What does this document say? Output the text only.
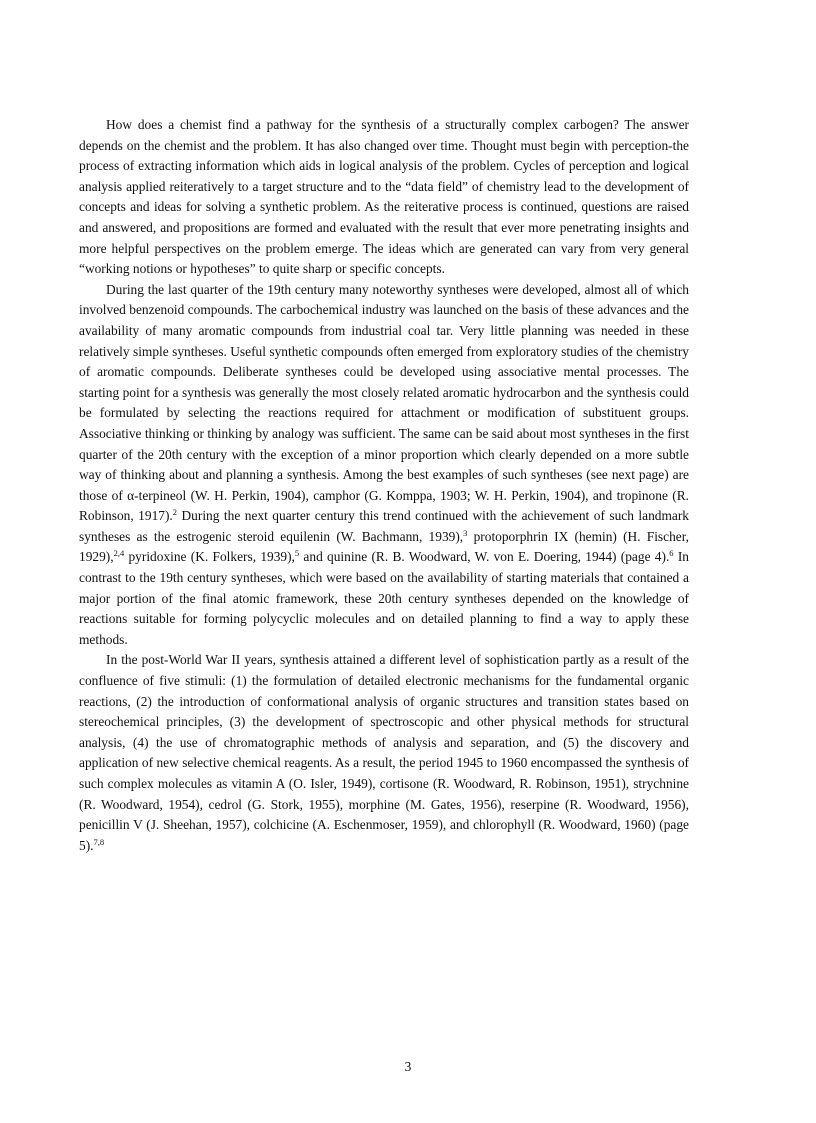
How does a chemist find a pathway for the synthesis of a structurally complex carbogen? The answer depends on the chemist and the problem. It has also changed over time. Thought must begin with perception-the process of extracting information which aids in logical analysis of the problem. Cycles of perception and logical analysis applied reiteratively to a target structure and to the “data field” of chemistry lead to the development of concepts and ideas for solving a synthetic problem. As the reiterative process is continued, questions are raised and answered, and propositions are formed and evaluated with the result that ever more penetrating insights and more helpful perspectives on the problem emerge. The ideas which are generated can vary from very general “working notions or hypotheses” to quite sharp or specific concepts.

During the last quarter of the 19th century many noteworthy syntheses were developed, almost all of which involved benzenoid compounds. The carbochemical industry was launched on the basis of these advances and the availability of many aromatic compounds from industrial coal tar. Very little planning was needed in these relatively simple syntheses. Useful synthetic compounds often emerged from exploratory studies of the chemistry of aromatic compounds. Deliberate syntheses could be developed using associative mental processes. The starting point for a synthesis was generally the most closely related aromatic hydrocarbon and the synthesis could be formulated by selecting the reactions required for attachment or modification of substituent groups. Associative thinking or thinking by analogy was sufficient. The same can be said about most syntheses in the first quarter of the 20th century with the exception of a minor proportion which clearly depended on a more subtle way of thinking about and planning a synthesis. Among the best examples of such syntheses (see next page) are those of α-terpineol (W. H. Perkin, 1904), camphor (G. Komppa, 1903; W. H. Perkin, 1904), and tropinone (R. Robinson, 1917).$^2$ During the next quarter century this trend continued with the achievement of such landmark syntheses as the estrogenic steroid equilenin (W. Bachmann, 1939),$^3$ protoporphrin IX (hemin) (H. Fischer, 1929),$^{2,4}$ pyridoxine (K. Folkers, 1939),$^5$ and quinine (R. B. Woodward, W. von E. Doering, 1944) (page 4).$^6$ In contrast to the 19th century syntheses, which were based on the availability of starting materials that contained a major portion of the final atomic framework, these 20th century syntheses depended on the knowledge of reactions suitable for forming polycyclic molecules and on detailed planning to find a way to apply these methods.

In the post-World War II years, synthesis attained a different level of sophistication partly as a result of the confluence of five stimuli: (1) the formulation of detailed electronic mechanisms for the fundamental organic reactions, (2) the introduction of conformational analysis of organic structures and transition states based on stereochemical principles, (3) the development of spectroscopic and other physical methods for structural analysis, (4) the use of chromatographic methods of analysis and separation, and (5) the discovery and application of new selective chemical reagents. As a result, the period 1945 to 1960 encompassed the synthesis of such complex molecules as vitamin A (O. Isler, 1949), cortisone (R. Woodward, R. Robinson, 1951), strychnine (R. Woodward, 1954), cedrol (G. Stork, 1955), morphine (M. Gates, 1956), reserpine (R. Woodward, 1956), penicillin V (J. Sheehan, 1957), colchicine (A. Eschenmoser, 1959), and chlorophyll (R. Woodward, 1960) (page 5).$^{7,8}$

3
